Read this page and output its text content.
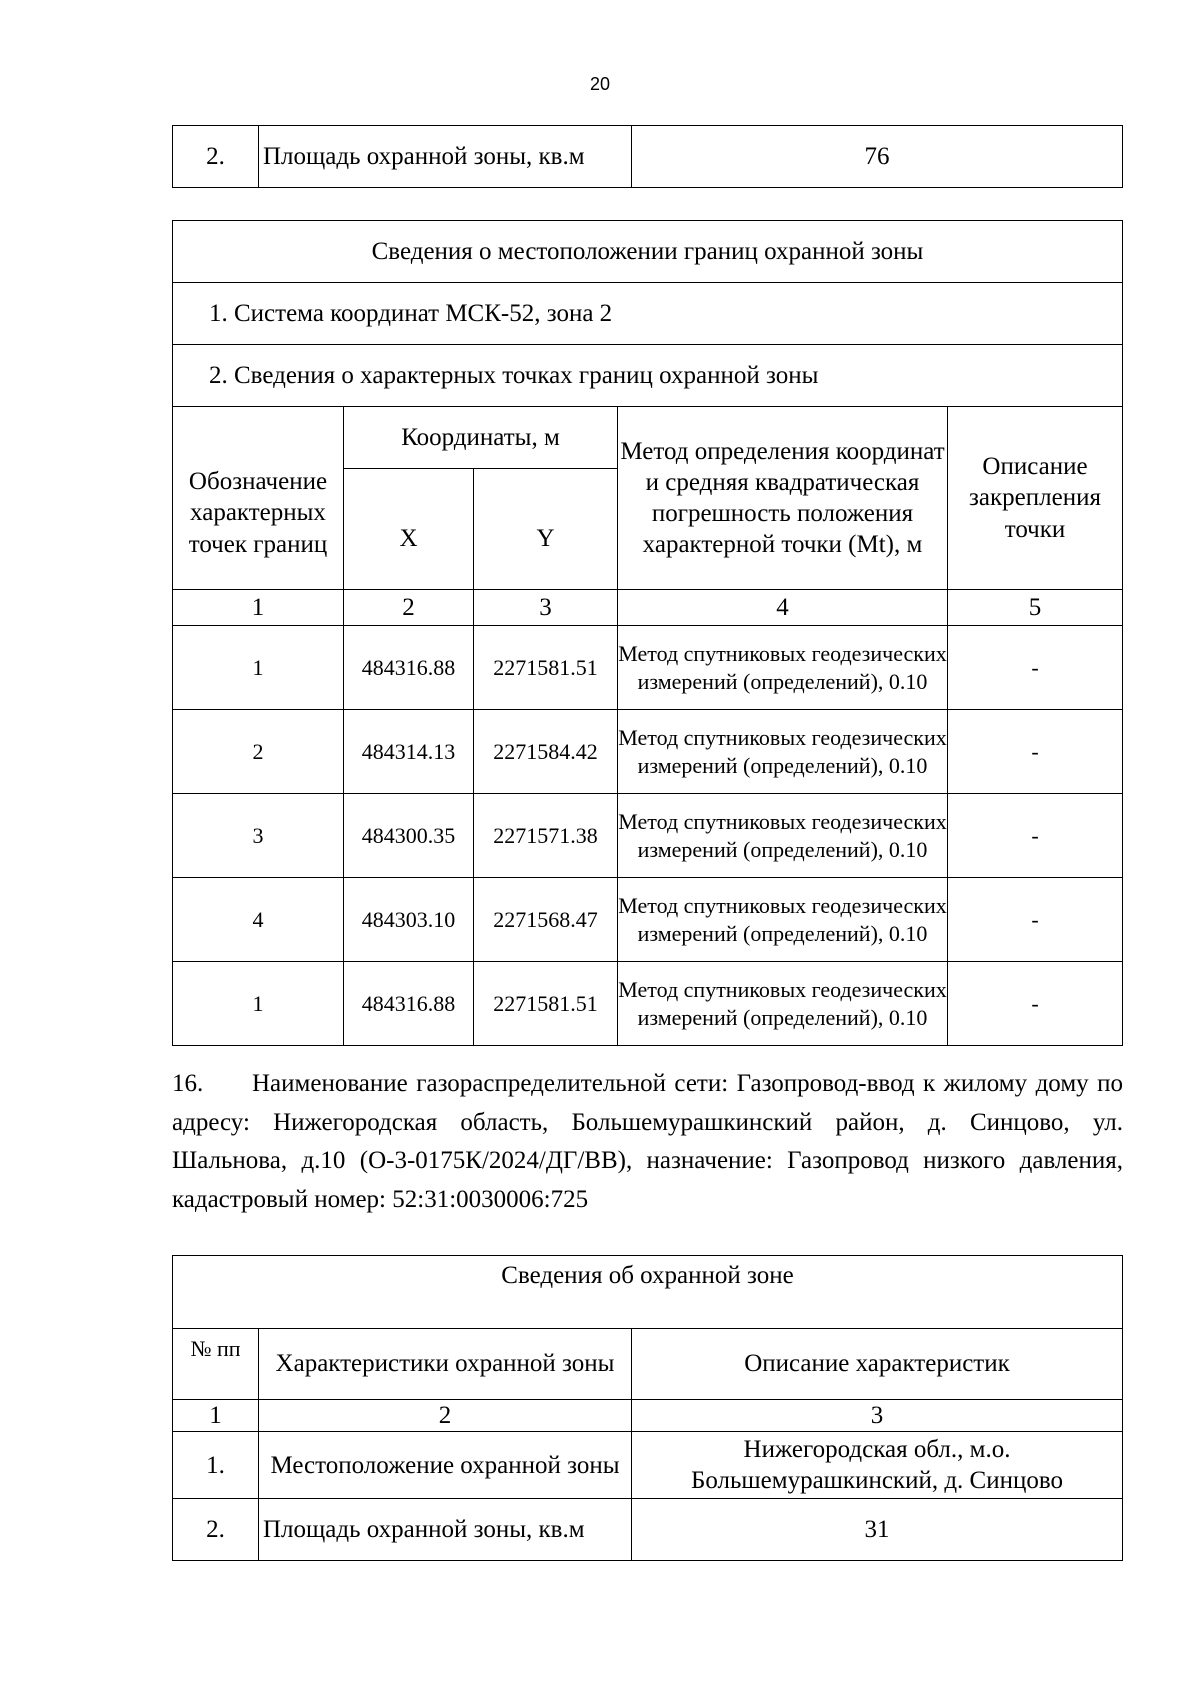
20
2.	Площадь охранной зоны, кв.м	76
Сведения о местоположении границ охранной зоны				
1. Система координат МСК-52, зона 2				
2. Сведения о характерных точках границ охранной зоны				
Обозначение характерных точек границ	Координаты, м		Метод определения координат и средняя квадратическая погрешность положения характерной точки (Mt), м	Описание закрепления точки
	X	Y		
1	2	3	4	5
1	484316.88	2271581.51	Метод спутниковых геодезических измерений (определений), 0.10	-
2	484314.13	2271584.42	Метод спутниковых геодезических измерений (определений), 0.10	-
3	484300.35	2271571.38	Метод спутниковых геодезических измерений (определений), 0.10	-
4	484303.10	2271568.47	Метод спутниковых геодезических измерений (определений), 0.10	-
1	484316.88	2271581.51	Метод спутниковых геодезических измерений (определений), 0.10	-
16. Наименование газораспределительной сети: Газопровод-ввод к жилому дому по адресу: Нижегородская область, Большемурашкинский район, д. Синцово, ул. Шальнова, д.10 (О-3-0175К/2024/ДГ/ВВ), назначение: Газопровод низкого давления, кадастровый номер: 52:31:0030006:725
Сведения об охранной зоне		
№ пп	Характеристики охранной зоны	Описание характеристик
1	2	3
1.	Местоположение охранной зоны	Нижегородская обл., м.о. Большемурашкинский, д. Синцово
2.	Площадь охранной зоны, кв.м	31
